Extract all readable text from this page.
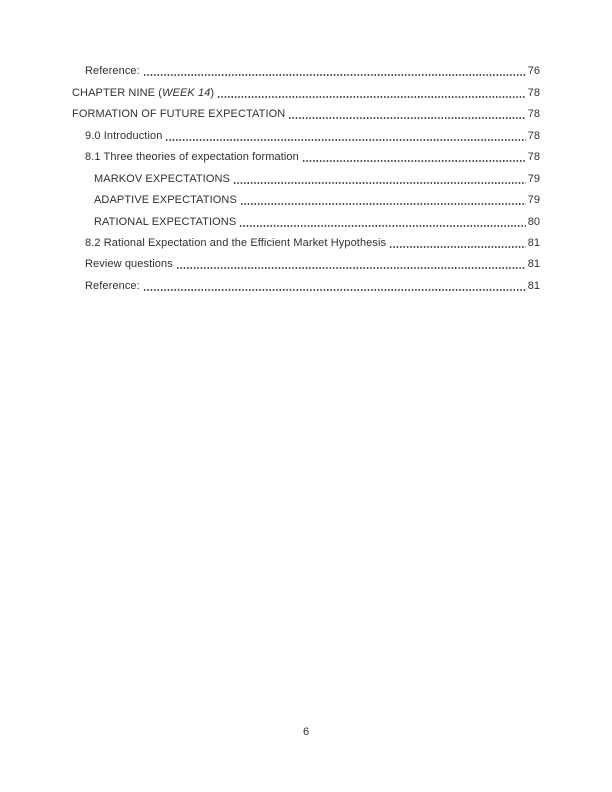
Reference:	76
CHAPTER NINE (WEEK 14)	78
FORMATION OF FUTURE EXPECTATION	78
9.0 Introduction	78
8.1 Three theories of expectation formation	78
MARKOV EXPECTATIONS	79
ADAPTIVE EXPECTATIONS	79
RATIONAL EXPECTATIONS	80
8.2 Rational Expectation and the Efficient Market Hypothesis	81
Review questions	81
Reference:	81
6
